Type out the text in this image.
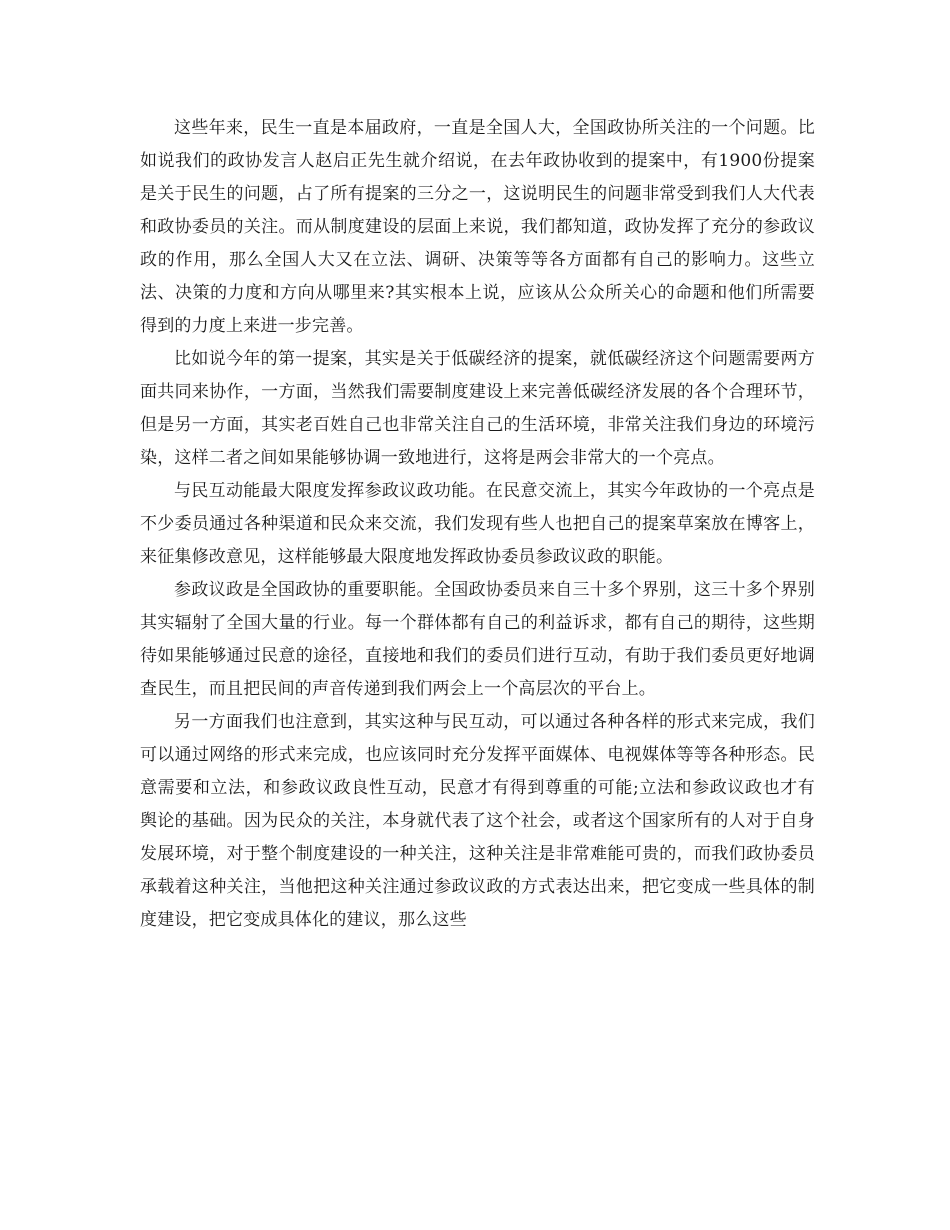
这些年来，民生一直是本届政府，一直是全国人大，全国政协所关注的一个问题。比如说我们的政协发言人赵启正先生就介绍说，在去年政协收到的提案中，有1900份提案是关于民生的问题，占了所有提案的三分之一，这说明民生的问题非常受到我们人大代表和政协委员的关注。而从制度建设的层面上来说，我们都知道，政协发挥了充分的参政议政的作用，那么全国人大又在立法、调研、决策等等各方面都有自己的影响力。这些立法、决策的力度和方向从哪里来?其实根本上说，应该从公众所关心的命题和他们所需要得到的力度上来进一步完善。

比如说今年的第一提案，其实是关于低碳经济的提案，就低碳经济这个问题需要两方面共同来协作，一方面，当然我们需要制度建设上来完善低碳经济发展的各个合理环节，但是另一方面，其实老百姓自己也非常关注自己的生活环境，非常关注我们身边的环境污染，这样二者之间如果能够协调一致地进行，这将是两会非常大的一个亮点。

与民互动能最大限度发挥参政议政功能。在民意交流上，其实今年政协的一个亮点是不少委员通过各种渠道和民众来交流，我们发现有些人也把自己的提案草案放在博客上，来征集修改意见，这样能够最大限度地发挥政协委员参政议政的职能。

参政议政是全国政协的重要职能。全国政协委员来自三十多个界别，这三十多个界别其实辐射了全国大量的行业。每一个群体都有自己的利益诉求，都有自己的期待，这些期待如果能够通过民意的途径，直接地和我们的委员们进行互动，有助于我们委员更好地调查民生，而且把民间的声音传递到我们两会上一个高层次的平台上。

另一方面我们也注意到，其实这种与民互动，可以通过各种各样的形式来完成，我们可以通过网络的形式来完成，也应该同时充分发挥平面媒体、电视媒体等等各种形态。民意需要和立法，和参政议政良性互动，民意才有得到尊重的可能;立法和参政议政也才有舆论的基础。因为民众的关注，本身就代表了这个社会，或者这个国家所有的人对于自身发展环境，对于整个制度建设的一种关注，这种关注是非常难能可贵的，而我们政协委员承载着这种关注，当他把这种关注通过参政议政的方式表达出来，把它变成一些具体的制度建设，把它变成具体化的建议，那么这些
